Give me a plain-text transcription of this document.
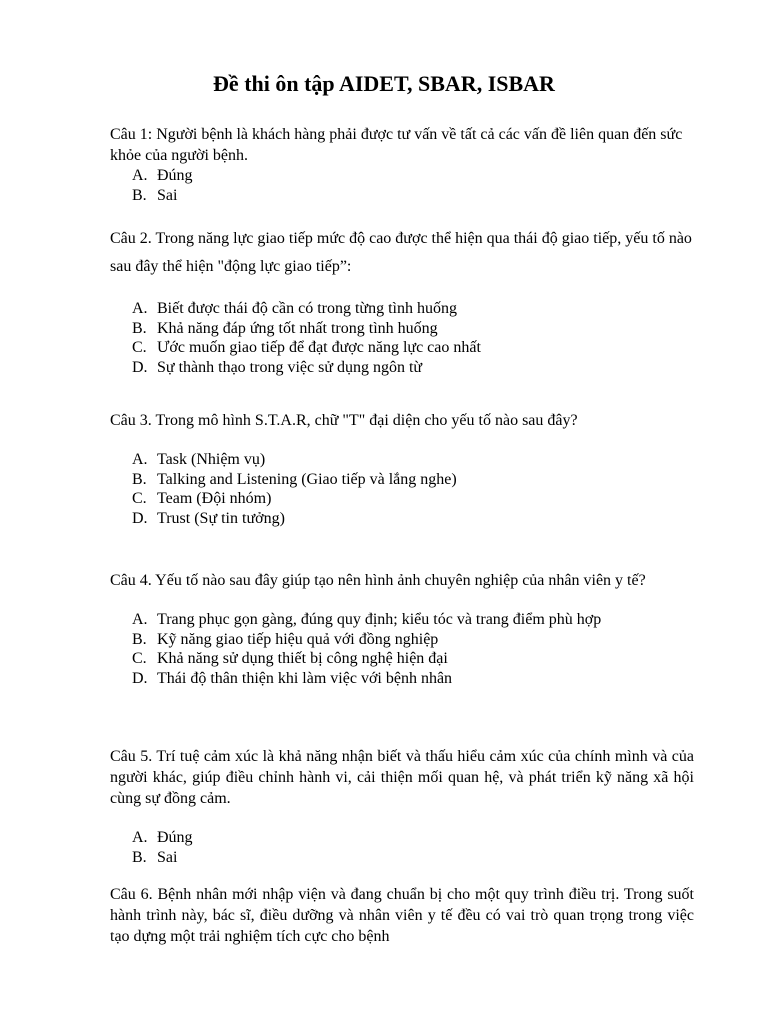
Đề thi ôn tập AIDET, SBAR, ISBAR

Câu 1: Người bệnh là khách hàng phải được tư vấn về tất cả các vấn đề liên quan đến sức khỏe của người bệnh.

A. Đúng
B. Sai

Câu 2. Trong năng lực giao tiếp mức độ cao được thể hiện qua thái độ giao tiếp, yếu tố nào sau đây thể hiện "động lực giao tiếp”:

A. Biết được thái độ cần có trong từng tình huống
B. Khả năng đáp ứng tốt nhất trong tình huống
C. Ước muốn giao tiếp để đạt được năng lực cao nhất
D. Sự thành thạo trong việc sử dụng ngôn từ

Câu 3. Trong mô hình S.T.A.R, chữ "T" đại diện cho yếu tố nào sau đây?

A. Task (Nhiệm vụ)
B. Talking and Listening (Giao tiếp và lắng nghe)
C. Team (Đội nhóm)
D. Trust (Sự tin tưởng)

Câu 4. Yếu tố nào sau đây giúp tạo nên hình ảnh chuyên nghiệp của nhân viên y tế?

A. Trang phục gọn gàng, đúng quy định; kiểu tóc và trang điểm phù hợp
B. Kỹ năng giao tiếp hiệu quả với đồng nghiệp
C. Khả năng sử dụng thiết bị công nghệ hiện đại
D. Thái độ thân thiện khi làm việc với bệnh nhân

Câu 5. Trí tuệ cảm xúc là khả năng nhận biết và thấu hiểu cảm xúc của chính mình và của người khác, giúp điều chỉnh hành vi, cải thiện mối quan hệ, và phát triển kỹ năng xã hội cùng sự đồng cảm.

A. Đúng
B. Sai

Câu 6. Bệnh nhân mới nhập viện và đang chuẩn bị cho một quy trình điều trị. Trong suốt hành trình này, bác sĩ, điều dưỡng và nhân viên y tế đều có vai trò quan trọng trong việc tạo dựng một trải nghiệm tích cực cho bệnh
